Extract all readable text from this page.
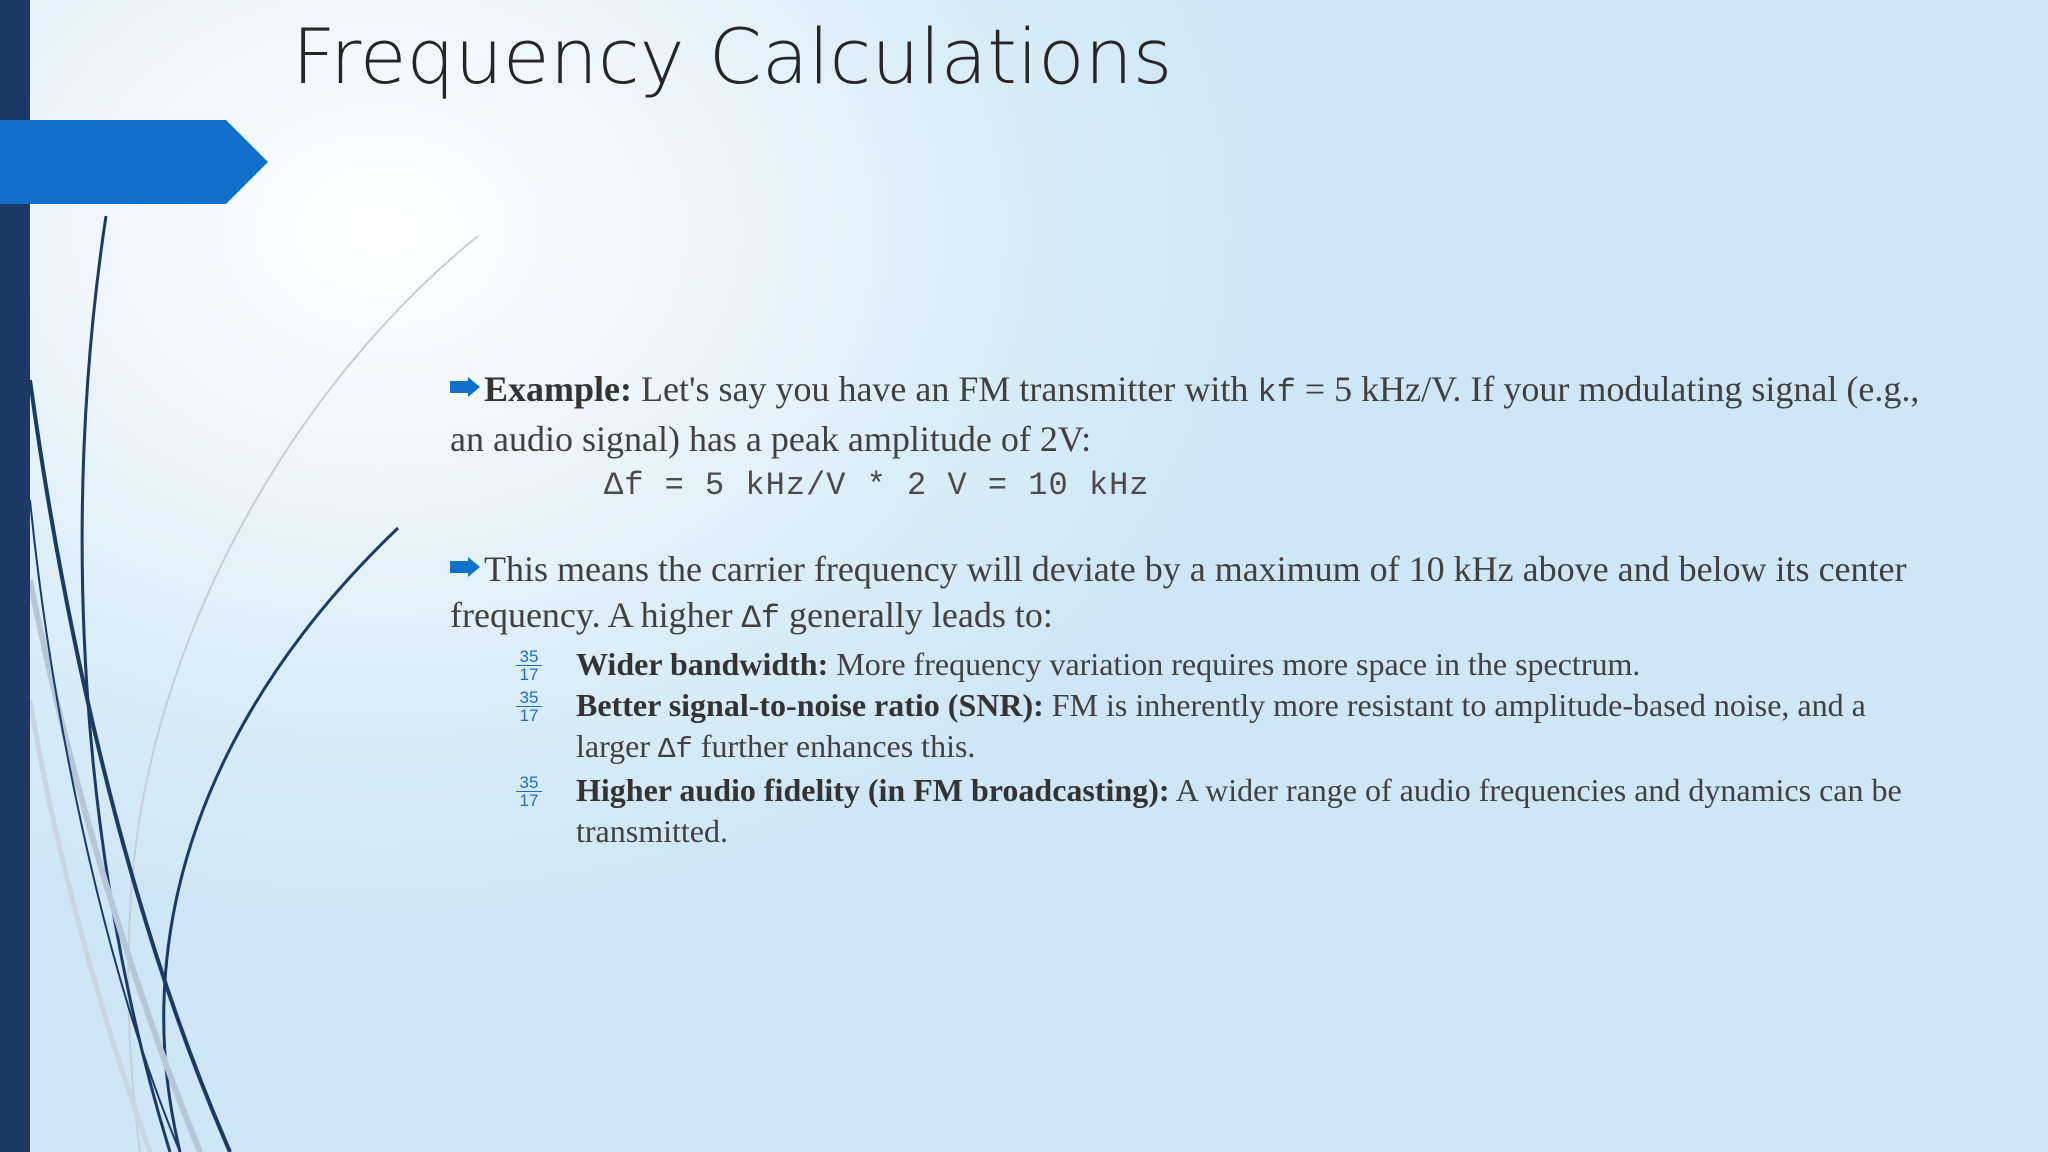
Frequency Calculations

Example: Let's say you have an FM transmitter with kf = 5 kHz/V. If your modulating signal (e.g., an audio signal) has a peak amplitude of 2V:

Δf = 5 kHz/V * 2 V = 10 kHz

This means the carrier frequency will deviate by a maximum of 10 kHz above and below its center frequency. A higher Δf generally leads to:

35
17 Wider bandwidth: More frequency variation requires more space in the spectrum.
35
17 Better signal-to-noise ratio (SNR): FM is inherently more resistant to amplitude-based noise, and a larger Δf further enhances this.
35
17 Higher audio fidelity (in FM broadcasting): A wider range of audio frequencies and dynamics can be transmitted.
